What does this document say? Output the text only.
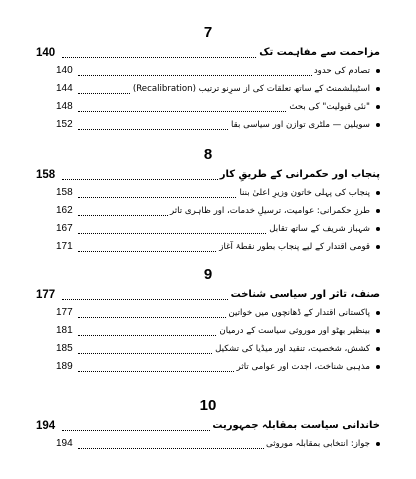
7
140	مزاحمت سے مفاہمت تک
140	تصادم کی حدود
144	اسٹیبلشمنٹ کے ساتھ تعلقات کی از سرِنو ترتیب (Recalibration)
148	"نئی قبولیت" کی بحث
152	سویلین — ملٹری توازن اور سیاسی بقا
8
158	پنجاب اور حکمرانی کے طریقِ کار
158	پنجاب کی پہلی خاتون وزیرِ اعلیٰ بننا
162	طرزِ حکمرانی: عوامیت، ترسیلِ خدمات، اور ظاہری تاثر
167	شہباز شریف کے ساتھ تقابل
171	قومی اقتدار کے لیے پنجاب بطور نقطۂ آغاز
9
177	صنف، تاثر اور سیاسی شناخت
177	پاکستانی اقتدار کے ڈھانچوں میں خواتین
181	بینظیر بھٹو اور موروثی سیاست کے درمیان
185	کشش، شخصیت، تنقید اور میڈیا کی تشکیل
189	مذہبی شناخت، اجدت اور عوامی تاثر
10
194	خاندانی سیاست بمقابلہ جمہوریت
194	جواز: انتخابی بمقابلہ موروثی
